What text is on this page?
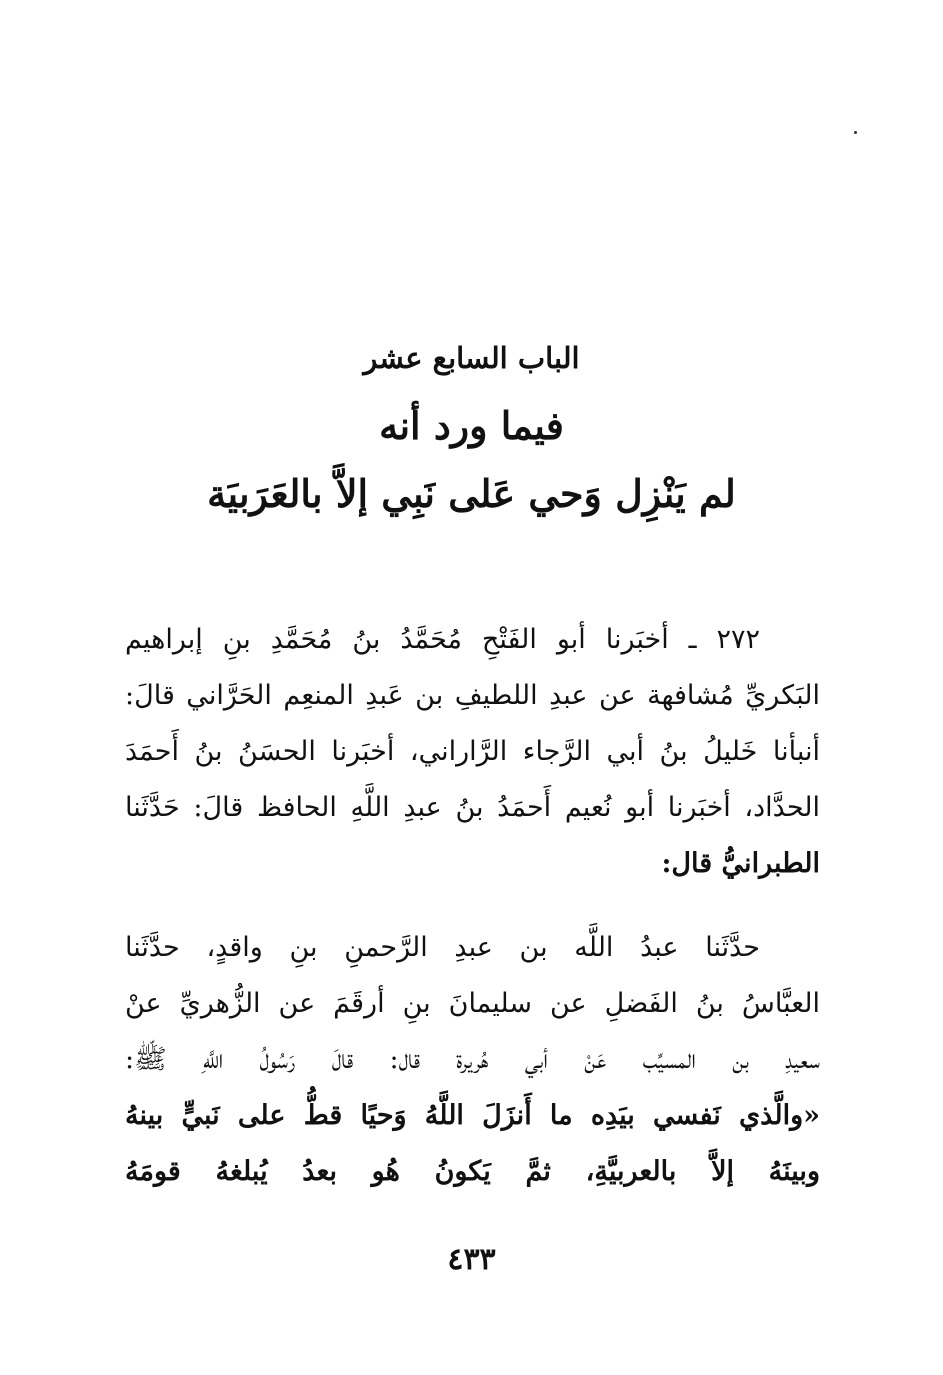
الباب السابع عشر
فيما ورد أنه
لم يَنْزِل وَحي عَلى نَبِي إلاَّ بالعَرَبيَة
٢٧٢ ـ أخبَرنا أبو الفَتْحِ مُحَمَّدُ بنُ مُحَمَّدِ بنِ إبراهيم
البَكريِّ مُشافهة عن عبدِ اللطيفِ بن عَبدِ المنعِم الحَرَّاني قالَ:
أنبأنا خَليلُ بنُ أبي الرَّجاء الرَّاراني، أخبَرنا الحسَنُ بنُ أَحمَدَ
الحدَّاد، أخبَرنا أبو نُعيم أَحمَدُ بنُ عبدِ اللَّهِ الحافظ قالَ: حَدَّثَنا
الطبرانيُّ قال:
حدَّثَنا عبدُ اللَّه بن عبدِ الرَّحمنِ بنِ واقدٍ، حدَّثَنا
العبَّاسُ بنُ الفَضلِ عن سليمانَ بنِ أرقَمَ عن الزُّهريِّ عنْ
سعيدِ بن المسيِّب عَنْ أبي هُريرة قال: قالَ رَسُولُ اللَّهِ ﷺ:
«والَّذي نَفسي بيَدِه ما أَنزَلَ اللَّهُ وَحيًا قطُّ على نَبيٍّ بينهُ
وبينَهُ إلاَّ بالعربيَّةِ، ثمَّ يَكونُ هُو بعدُ يُبلغهُ قومَهُ
٤٣٣
